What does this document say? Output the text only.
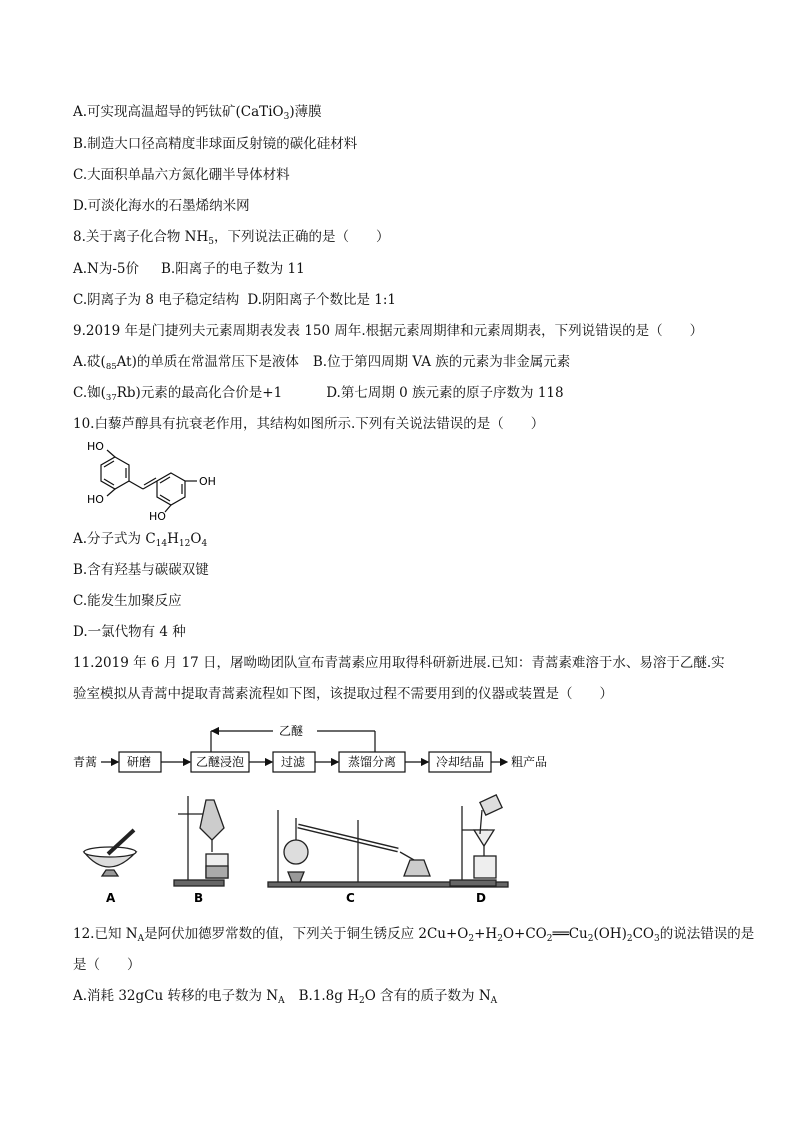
A.可实现高温超导的钙钛矿(CaTiO$_3$)薄膜
B.制造大口径高精度非球面反射镜的碳化硅材料
C.大面积单晶六方氮化硼半导体材料
D.可淡化海水的石墨烯纳米网
8.关于离子化合物 $NH_5$，下列说法正确的是（　　）
A.N为-5价 B.阳离子的电子数为 11
C.阴离子为 8 电子稳定结构 D.阴阳离子个数比是 1:1
9.2019 年是门捷列夫元素周期表发表 150 周年.根据元素周期律和元素周期表，下列说错误的是（　　）
A.砹$(_{85}At)$的单质在常温常压下是液体 B.位于第四周期 VA 族的元素为非金属元素
C.铷$(_{37}Rb)$元素的最高化合价是+1	D.第七周期 0 族元素的原子序数为 118
10.白藜芦醇具有抗衰老作用，其结构如图所示.下列有关说法错误的是（　　）
HO
HO
OH
HO
A.分子式为 $C_{14}H_{12}O_4$
B.含有羟基与碳碳双键
C.能发生加聚反应
D.一氯代物有 4 种
11.2019 年 6 月 17 日，屠呦呦团队宣布青蒿素应用取得科研新进展.已知：青蒿素难溶于水、易溶于乙醚.实
验室模拟从青蒿中提取青蒿素流程如下图，该提取过程不需要用到的仪器或装置是（　　）
乙醚
青蒿 研磨	乙醚浸泡	过滤	蒸馏分离	冷却结晶 粗产品
A	B	C	D
12.已知 $N_A$是阿伏加德罗常数的值，下列关于铜生锈反应 $2Cu+O_2+H_2O+CO_2══Cu_2(OH)_2CO_3$的说法错误的是
是（　　）
A.消耗 32gCu 转移的电子数为 $N_A$ B.1.8g $H_2O$ 含有的质子数为 $N_A$
